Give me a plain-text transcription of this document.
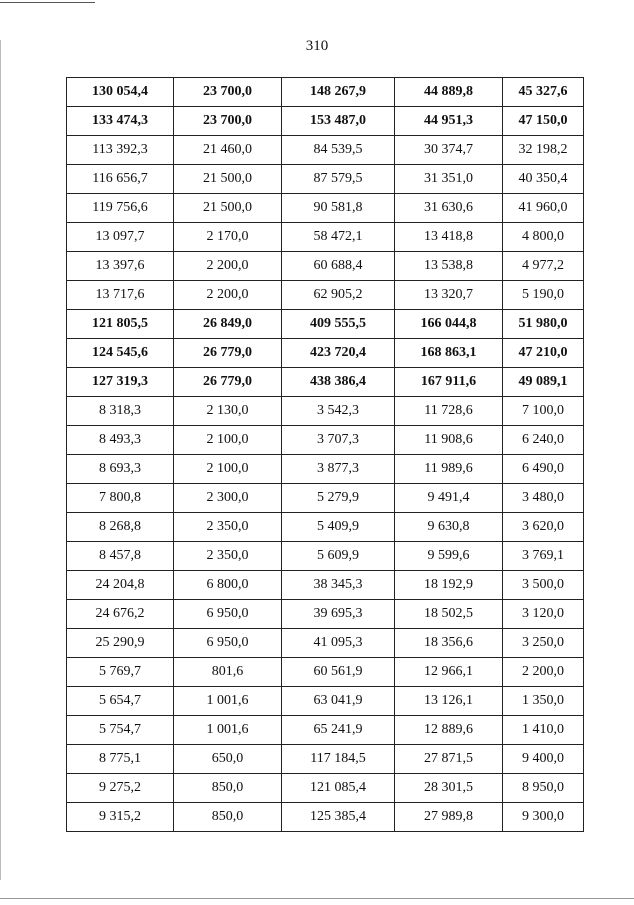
310
130 054,4	23 700,0	148 267,9	44 889,8	45 327,6
133 474,3	23 700,0	153 487,0	44 951,3	47 150,0
113 392,3	21 460,0	84 539,5	30 374,7	32 198,2
116 656,7	21 500,0	87 579,5	31 351,0	40 350,4
119 756,6	21 500,0	90 581,8	31 630,6	41 960,0
13 097,7	2 170,0	58 472,1	13 418,8	4 800,0
13 397,6	2 200,0	60 688,4	13 538,8	4 977,2
13 717,6	2 200,0	62 905,2	13 320,7	5 190,0
121 805,5	26 849,0	409 555,5	166 044,8	51 980,0
124 545,6	26 779,0	423 720,4	168 863,1	47 210,0
127 319,3	26 779,0	438 386,4	167 911,6	49 089,1
8 318,3	2 130,0	3 542,3	11 728,6	7 100,0
8 493,3	2 100,0	3 707,3	11 908,6	6 240,0
8 693,3	2 100,0	3 877,3	11 989,6	6 490,0
7 800,8	2 300,0	5 279,9	9 491,4	3 480,0
8 268,8	2 350,0	5 409,9	9 630,8	3 620,0
8 457,8	2 350,0	5 609,9	9 599,6	3 769,1
24 204,8	6 800,0	38 345,3	18 192,9	3 500,0
24 676,2	6 950,0	39 695,3	18 502,5	3 120,0
25 290,9	6 950,0	41 095,3	18 356,6	3 250,0
5 769,7	801,6	60 561,9	12 966,1	2 200,0
5 654,7	1 001,6	63 041,9	13 126,1	1 350,0
5 754,7	1 001,6	65 241,9	12 889,6	1 410,0
8 775,1	650,0	117 184,5	27 871,5	9 400,0
9 275,2	850,0	121 085,4	28 301,5	8 950,0
9 315,2	850,0	125 385,4	27 989,8	9 300,0
